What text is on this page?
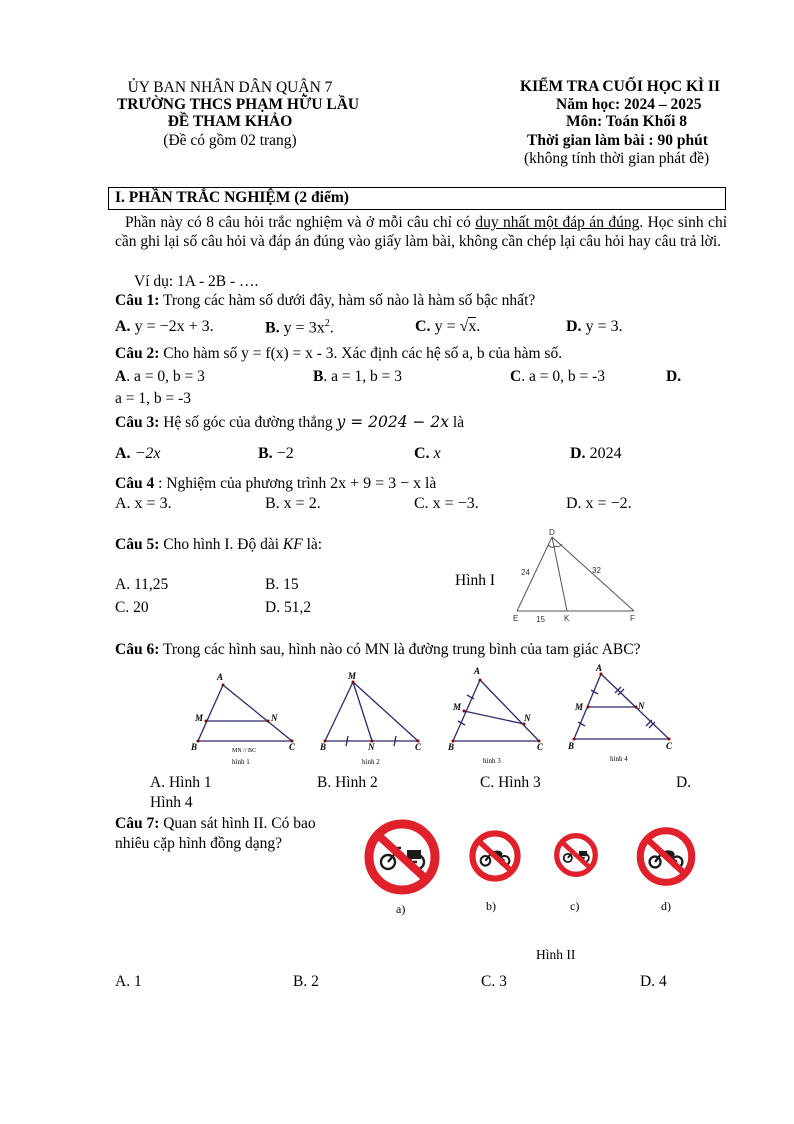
ỦY BAN NHÂN DÂN QUẬN 7
TRƯỜNG THCS PHẠM HỮU LẦU
ĐỀ THAM KHẢO
(Đề có gồm 02 trang)
KIỂM TRA CUỐI HỌC KÌ II
Năm học: 2024 – 2025
Môn: Toán Khối 8
Thời gian làm bài : 90 phút
(không tính thời gian phát đề)
I. PHẦN TRẮC NGHIỆM (2 điểm)
Phần này có 8 câu hỏi trắc nghiệm và ở mỗi câu chỉ có duy nhất một đáp án đúng. Học sinh chỉ cần ghi lại số câu hỏi và đáp án đúng vào giấy làm bài, không cần chép lại câu hỏi hay câu trả lời.
Ví dụ: 1A - 2B - ….
Câu 1: Trong các hàm số dưới đây, hàm số nào là hàm số bậc nhất?
A. y = −2x + 3.	B. $y = 3x^2$.	C. y = √x.	D. y = 3.
Câu 2: Cho hàm số y = f(x) = x - 3. Xác định các hệ số a, b của hàm số.
A. a = 0, b = 3	B. a = 1, b = 3	C. a = 0, b = -3	D.
a = 1, b = -3
Câu 3: Hệ số góc của đường thẳng y = 2024 − 2x là
A. −2x	B. −2	C. x	D. 2024
Câu 4 : Nghiệm của phương trình 2x + 9 = 3 − x là
A. x = 3.	B. x = 2.	C. x = −3.	D. x = −2.
Câu 5: Cho hình I. Độ dài KF là:
A. 11,25	B. 15
C. 20	D. 51,2
Hình I
D
E	K	F
24	32
15
Câu 6: Trong các hình sau, hình nào có MN là đường trung bình của tam giác ABC?
A
M	N
B	C
MN // BC
hình 1
M
B	N	C
hình 2
A
M
N
B	C
hình 3
A
M	N
B	C
hình 4
A. Hình 1	B. Hình 2	C. Hình 3	D.
Hình 4
Câu 7: Quan sát hình II. Có bao
nhiêu cặp hình đồng dạng?
a)	b)	c)	d)
Hình II
A. 1	B. 2	C. 3	D. 4
